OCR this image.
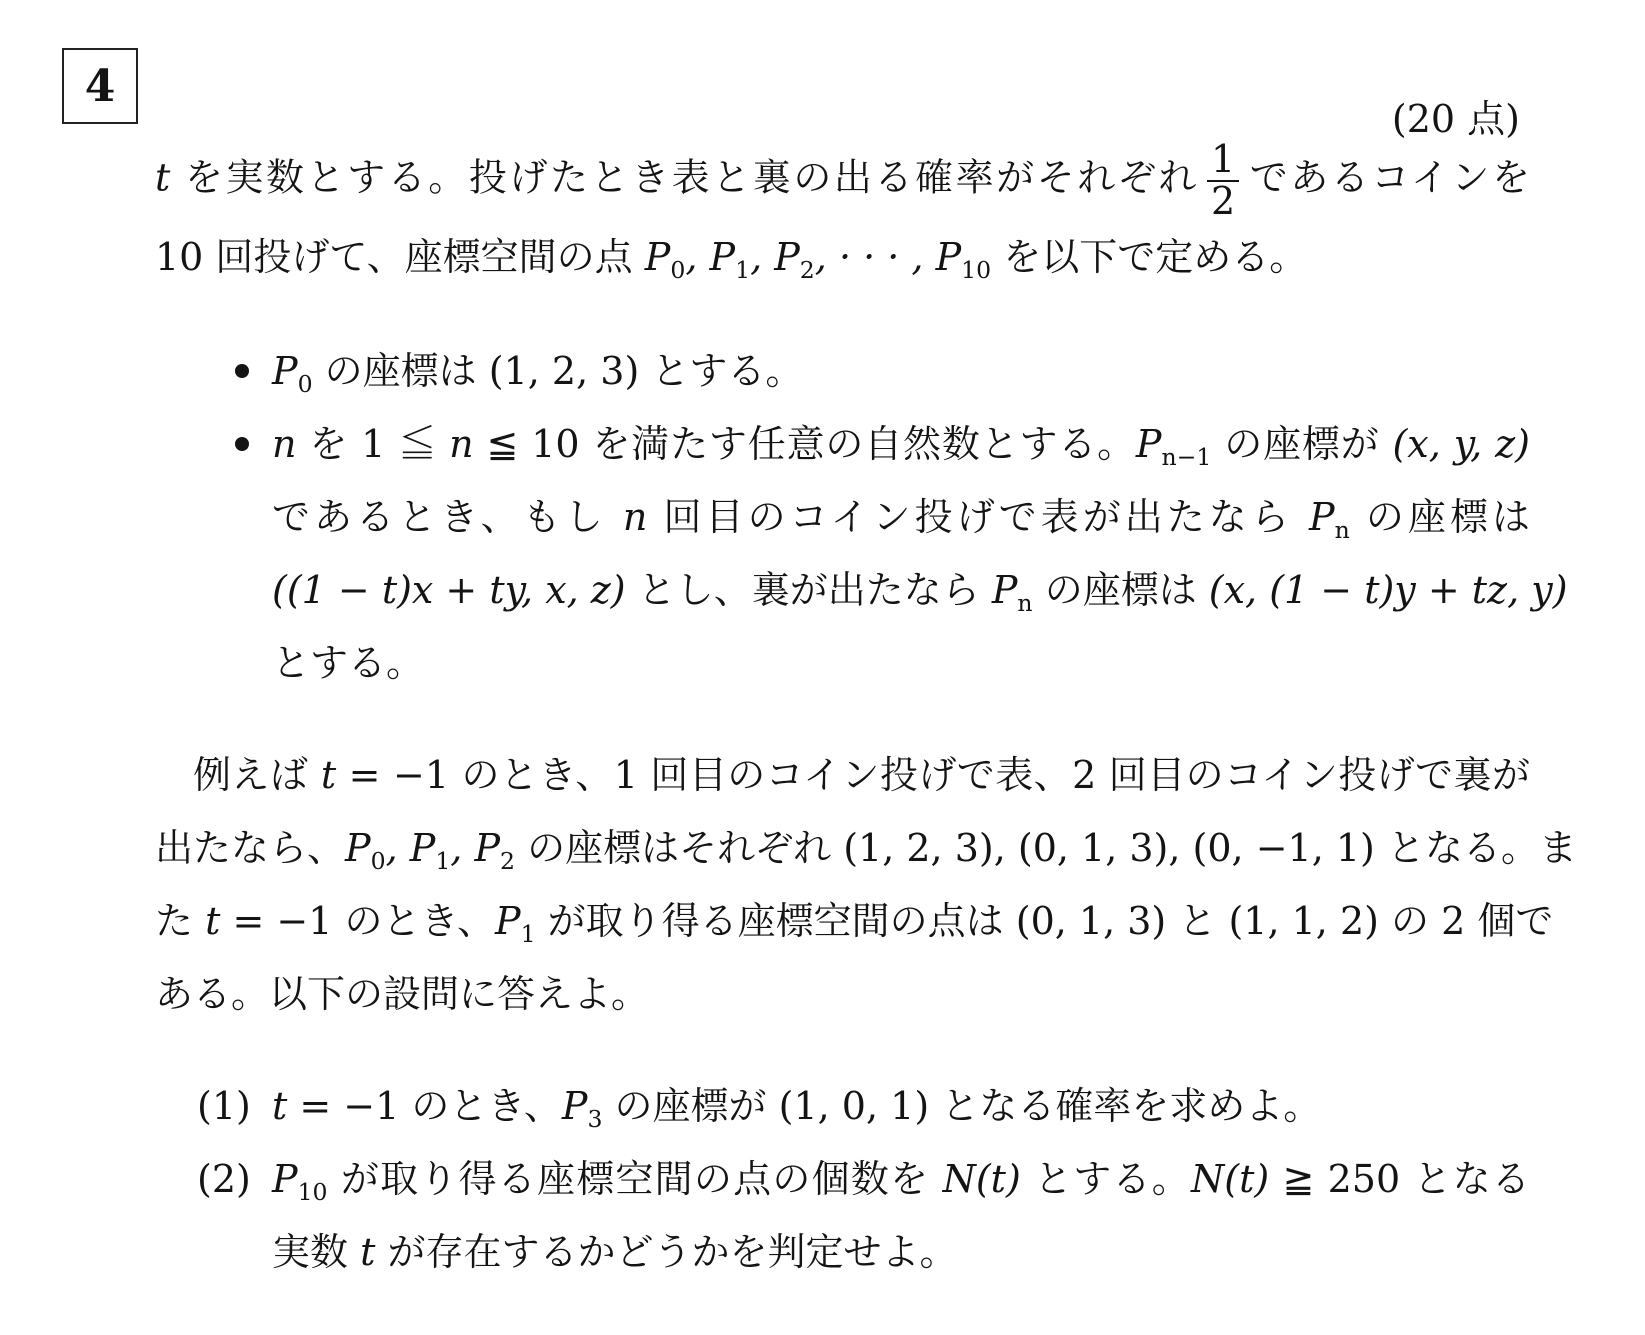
4
(20 点)
t を実数とする。投げたとき表と裏の出る確率がそれぞれ $\frac{1}{2}$ であるコインを
10 回投げて、座標空間の点 $P_0$, $P_1$, $P_2$, · · · , $P_{10}$ を以下で定める。
$P_0$ の座標は (1, 2, 3) とする。
n を 1 ≦ n ≦ 10 を満たす任意の自然数とする。$P_{n-1}$ の座標が (x, y, z)
であるとき、もし n 回目のコイン投げで表が出たなら $P_n$ の座標は
((1 − t)x + ty, x, z) とし、裏が出たなら $P_n$ の座標は (x, (1 − t)y + tz, y)
とする。
例えば t = −1 のとき、1 回目のコイン投げで表、2 回目のコイン投げで裏が
出たなら、$P_0$, $P_1$, $P_2$ の座標はそれぞれ (1, 2, 3), (0, 1, 3), (0, −1, 1) となる。ま
た t = −1 のとき、$P_1$ が取り得る座標空間の点は (0, 1, 3) と (1, 1, 2) の 2 個で
ある。以下の設問に答えよ。
(1) t = −1 のとき、$P_3$ の座標が (1, 0, 1) となる確率を求めよ。
(2) $P_{10}$ が取り得る座標空間の点の個数を N(t) とする。N(t) ≧ 250 となる
実数 t が存在するかどうかを判定せよ。
